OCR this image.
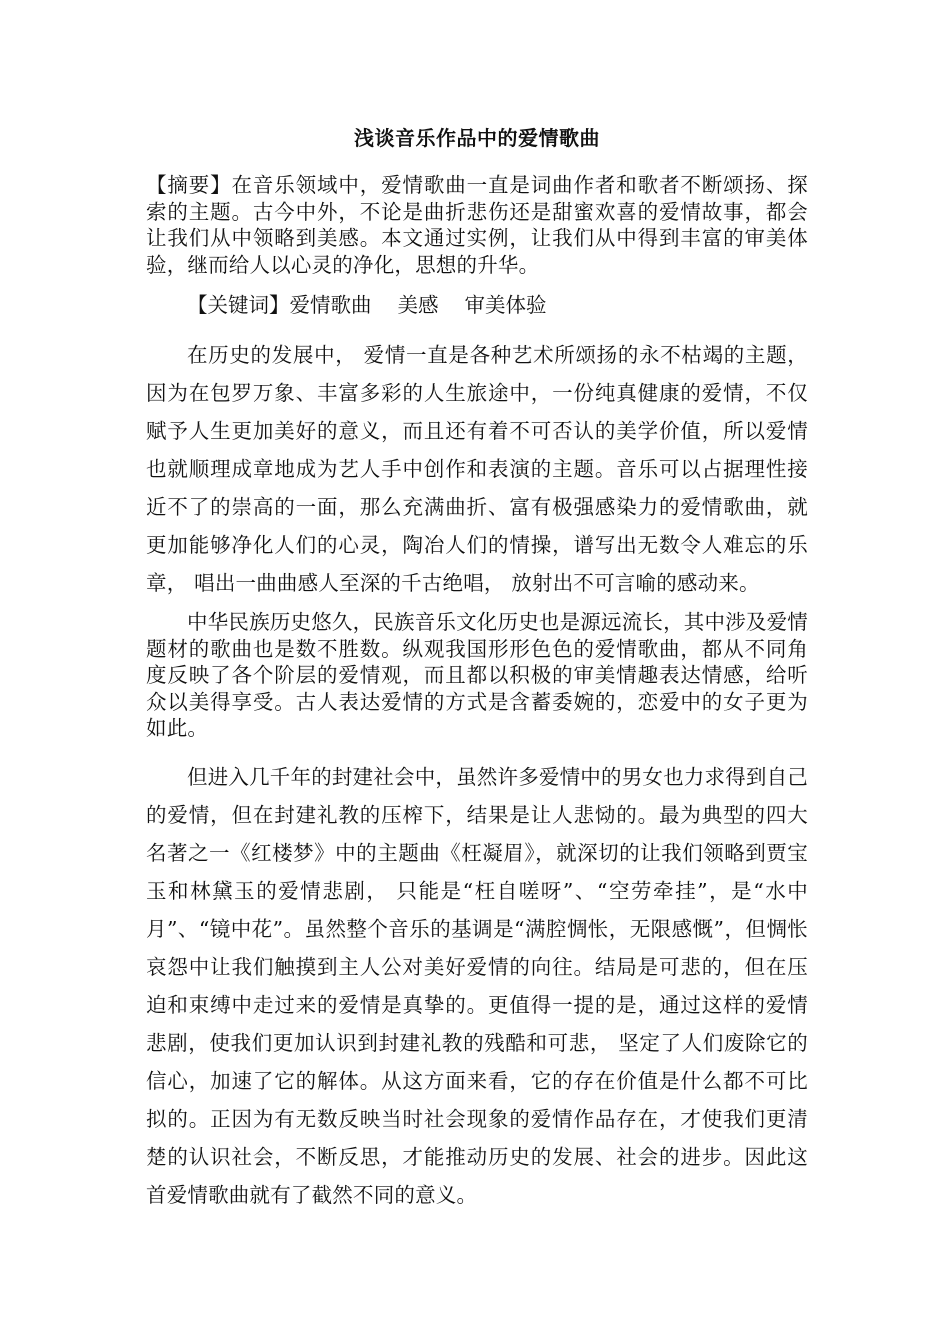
浅谈音乐作品中的爱情歌曲

【摘要】在音乐领域中，爱情歌曲一直是词曲作者和歌者不断颂扬、探索的主题。古今中外，不论是曲折悲伤还是甜蜜欢喜的爱情故事，都会让我们从中领略到美感。本文通过实例，让我们从中得到丰富的审美体验，继而给人以心灵的净化，思想的升华。

【关键词】爱情歌曲 美感 审美体验

在历史的发展中， 爱情一直是各种艺术所颂扬的永不枯竭的主题，因为在包罗万象、丰富多彩的人生旅途中，一份纯真健康的爱情，不仅赋予人生更加美好的意义，而且还有着不可否认的美学价值，所以爱情也就顺理成章地成为艺人手中创作和表演的主题。音乐可以占据理性接近不了的崇高的一面，那么充满曲折、富有极强感染力的爱情歌曲，就更加能够净化人们的心灵，陶冶人们的情操，谱写出无数令人难忘的乐章， 唱出一曲曲感人至深的千古绝唱， 放射出不可言喻的感动来。

中华民族历史悠久，民族音乐文化历史也是源远流长，其中涉及爱情题材的歌曲也是数不胜数。纵观我国形形色色的爱情歌曲，都从不同角度反映了各个阶层的爱情观，而且都以积极的审美情趣表达情感，给听众以美得享受。古人表达爱情的方式是含蓄委婉的，恋爱中的女子更为如此。

但进入几千年的封建社会中，虽然许多爱情中的男女也力求得到自己的爱情，但在封建礼教的压榨下，结果是让人悲恸的。最为典型的四大名著之一《红楼梦》中的主题曲《枉凝眉》，就深切的让我们领略到贾宝玉和林黛玉的爱情悲剧， 只能是“枉自嗟呀”、“空劳牵挂”，是“水中月”、“镜中花”。虽然整个音乐的基调是“满腔惆怅，无限感慨”，但惆怅哀怨中让我们触摸到主人公对美好爱情的向往。结局是可悲的，但在压迫和束缚中走过来的爱情是真挚的。更值得一提的是，通过这样的爱情悲剧，使我们更加认识到封建礼教的残酷和可悲， 坚定了人们废除它的信心，加速了它的解体。从这方面来看，它的存在价值是什么都不可比拟的。正因为有无数反映当时社会现象的爱情作品存在，才使我们更清楚的认识社会，不断反思，才能推动历史的发展、社会的进步。因此这首爱情歌曲就有了截然不同的意义。
